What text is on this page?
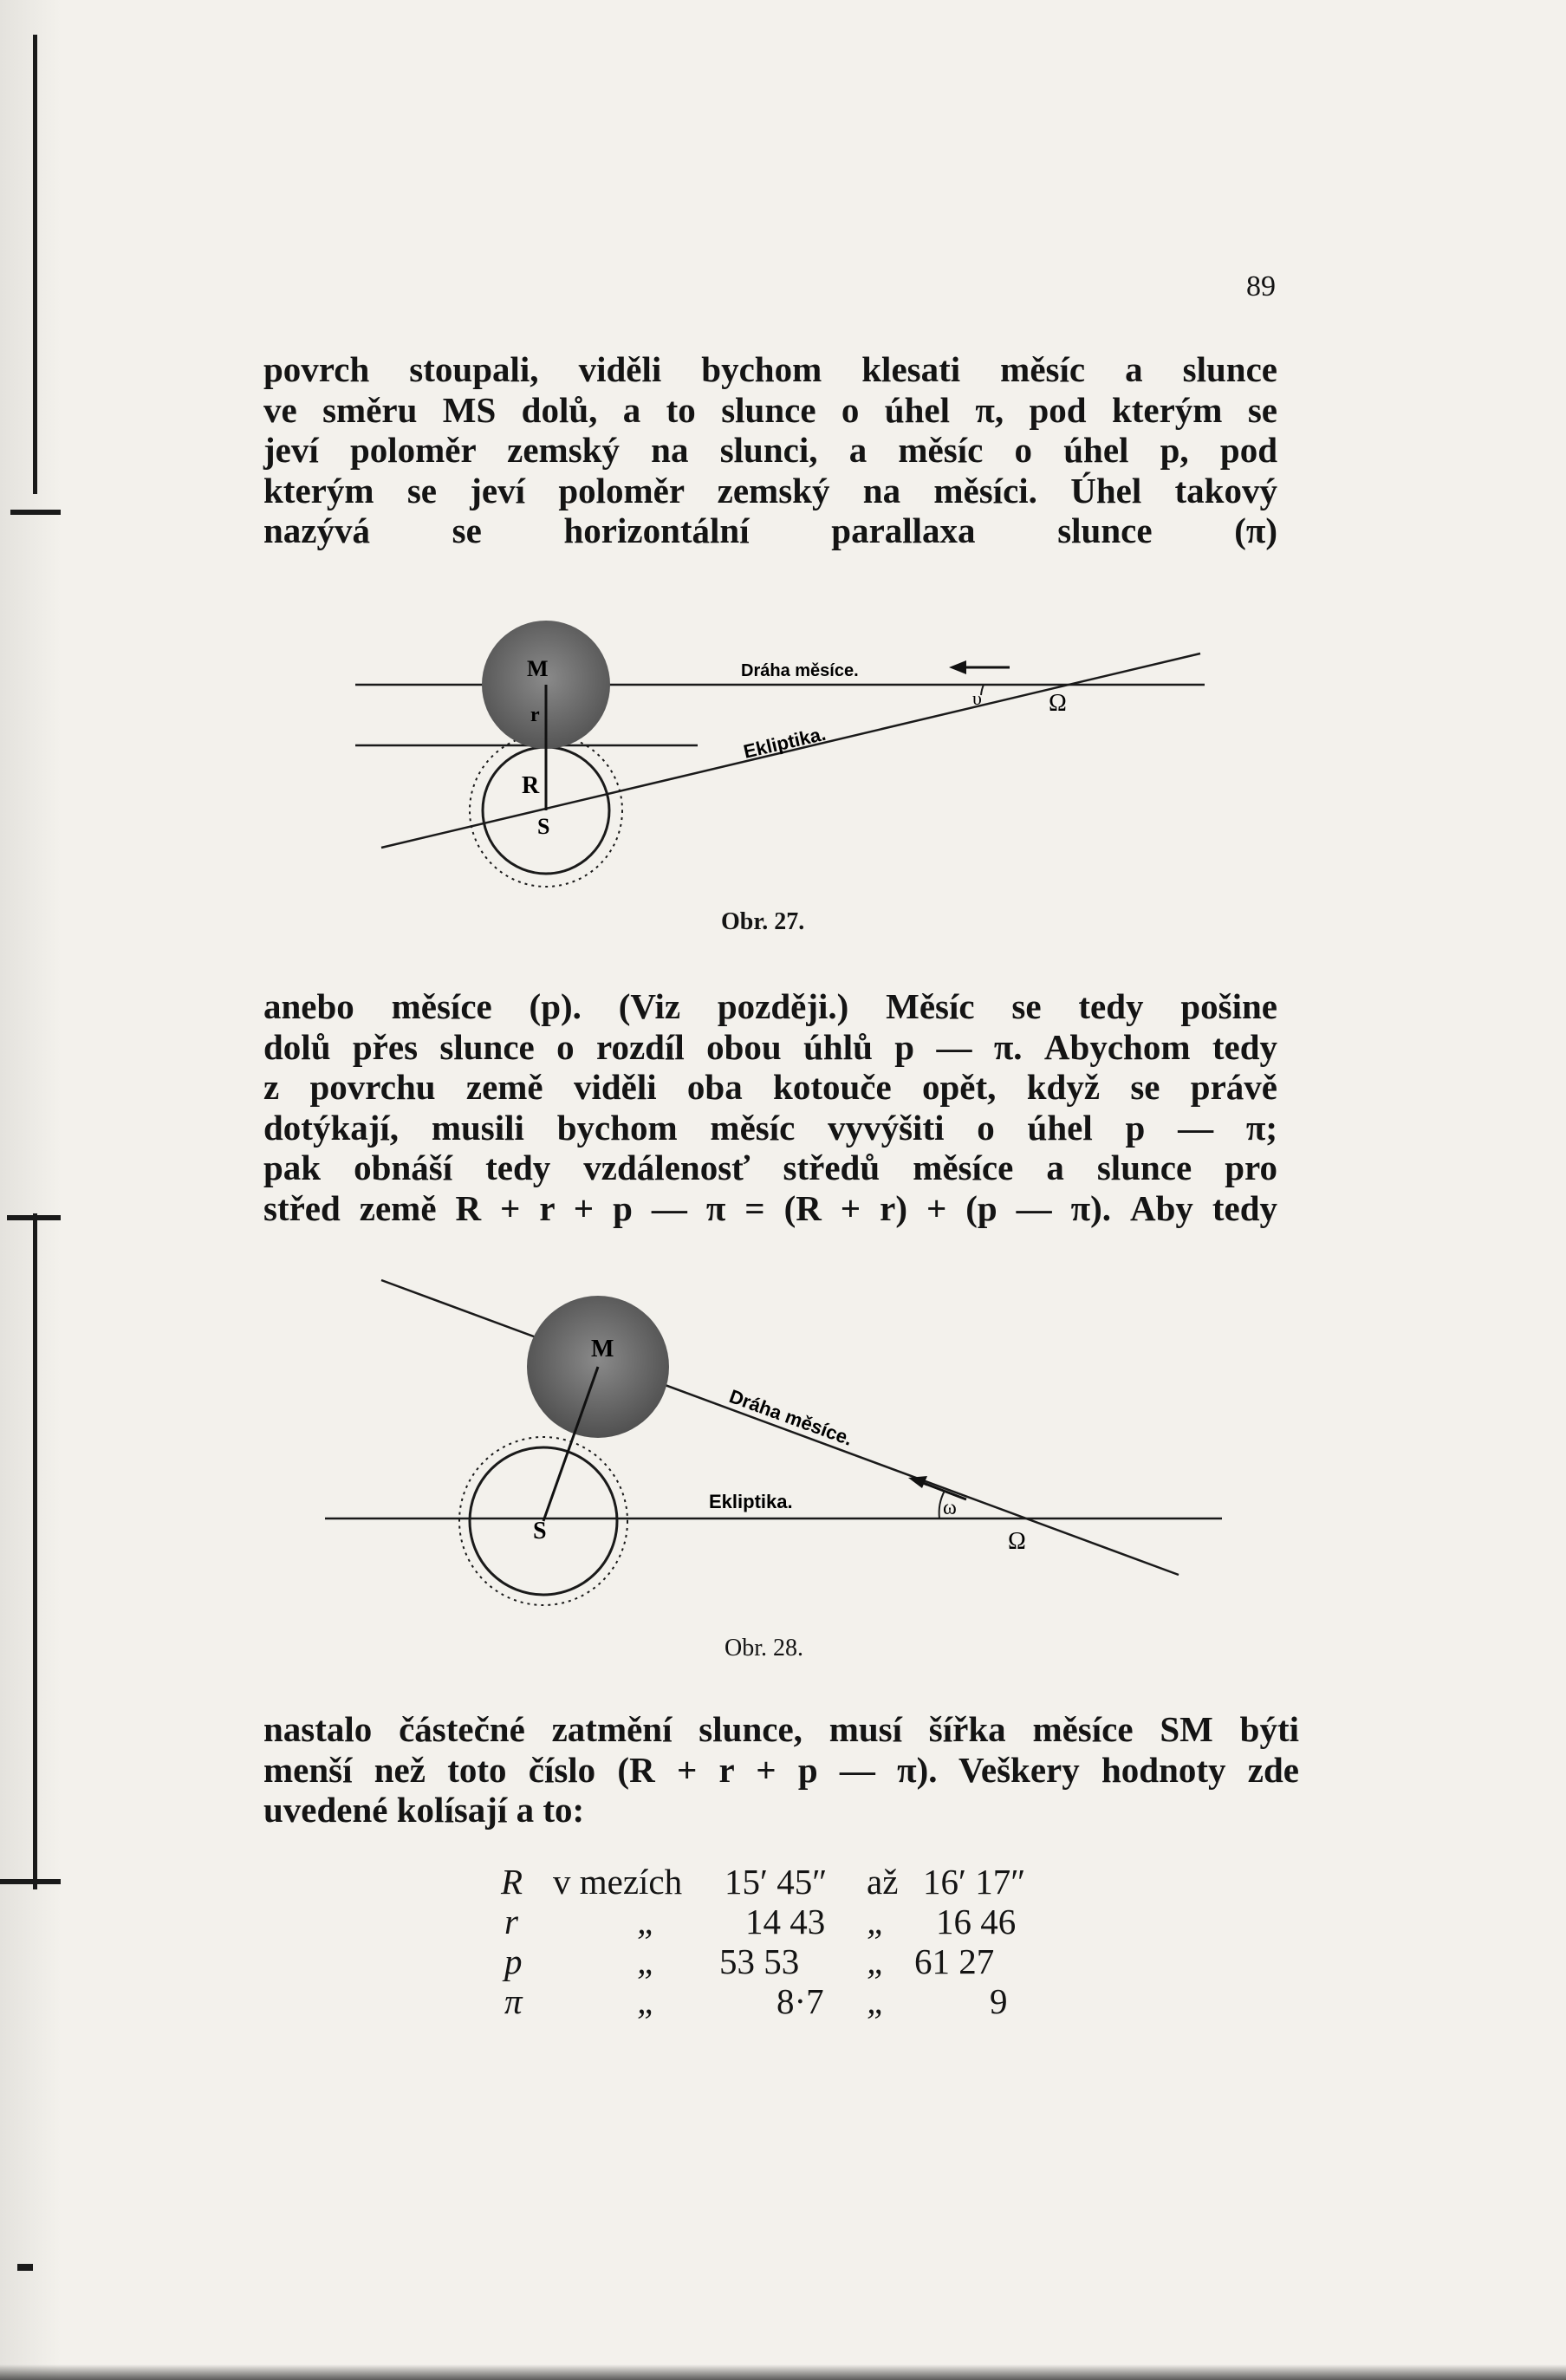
89
povrch stoupali, viděli bychom klesati měsíc a slunce
ve směru MS dolů, a to slunce o úhel π, pod kterým se
jeví poloměr zemský na slunci, a měsíc o úhel p, pod
kterým se jeví poloměr zemský na měsíci. Úhel takový
nazývá se horizontální parallaxa slunce (π)
M
r
R
S
Dráha měsíce.
Ekliptika.
υ	Ω
Obr. 27.
anebo měsíce (p). (Viz později.) Měsíc se tedy pošine
dolů přes slunce o rozdíl obou úhlů p — π. Abychom tedy
z povrchu země viděli oba kotouče opět, když se právě
dotýkají, musili bychom měsíc vyvýšiti o úhel p — π;
pak obnáší tedy vzdálenosť středů měsíce a slunce pro
střed země R + r + p — π = (R + r) + (p — π). Aby tedy
M
S
Dráha měsíce.
Ekliptika.	ω
Ω
Obr. 28.
nastalo částečné zatmění slunce, musí šířka měsíce SM býti
menší než toto číslo (R + r + p — π). Veškery hodnoty zde
uvedené kolísají a to:
R v mezích 15′ 45″ až 16′ 17″
r	„ 14 43 „ 16 46
p	„ 53 53 „ 61 27
π	„	8·7 „	9
